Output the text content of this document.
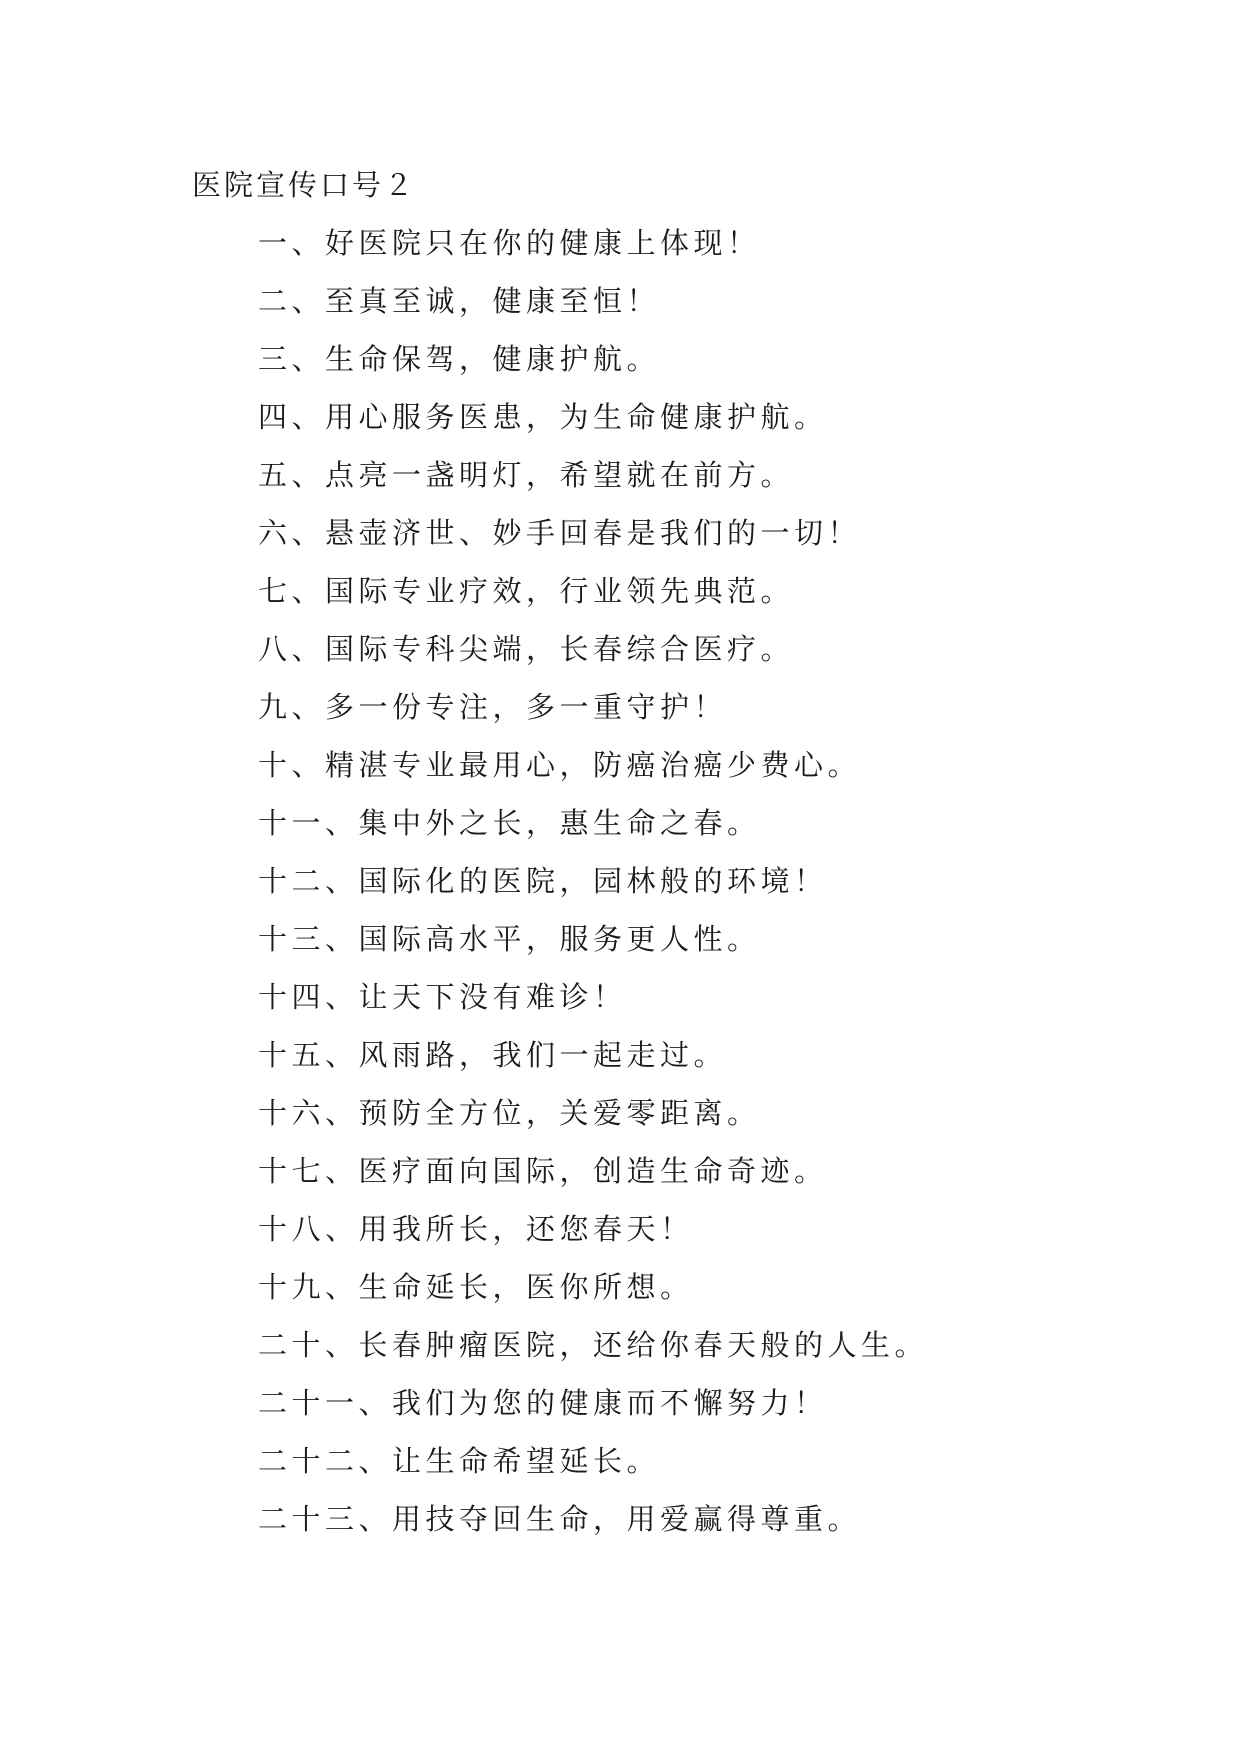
医院宣传口号２
一、好医院只在你的健康上体现！
二、至真至诚，健康至恒！
三、生命保驾，健康护航。
四、用心服务医患，为生命健康护航。
五、点亮一盏明灯，希望就在前方。
六、悬壶济世、妙手回春是我们的一切！
七、国际专业疗效，行业领先典范。
八、国际专科尖端，长春综合医疗。
九、多一份专注，多一重守护！
十、精湛专业最用心，防癌治癌少费心。
十一、集中外之长，惠生命之春。
十二、国际化的医院，园林般的环境！
十三、国际高水平，服务更人性。
十四、让天下没有难诊！
十五、风雨路，我们一起走过。
十六、预防全方位，关爱零距离。
十七、医疗面向国际，创造生命奇迹。
十八、用我所长，还您春天！
十九、生命延长，医你所想。
二十、长春肿瘤医院，还给你春天般的人生。
二十一、我们为您的健康而不懈努力！
二十二、让生命希望延长。
二十三、用技夺回生命，用爱赢得尊重。
